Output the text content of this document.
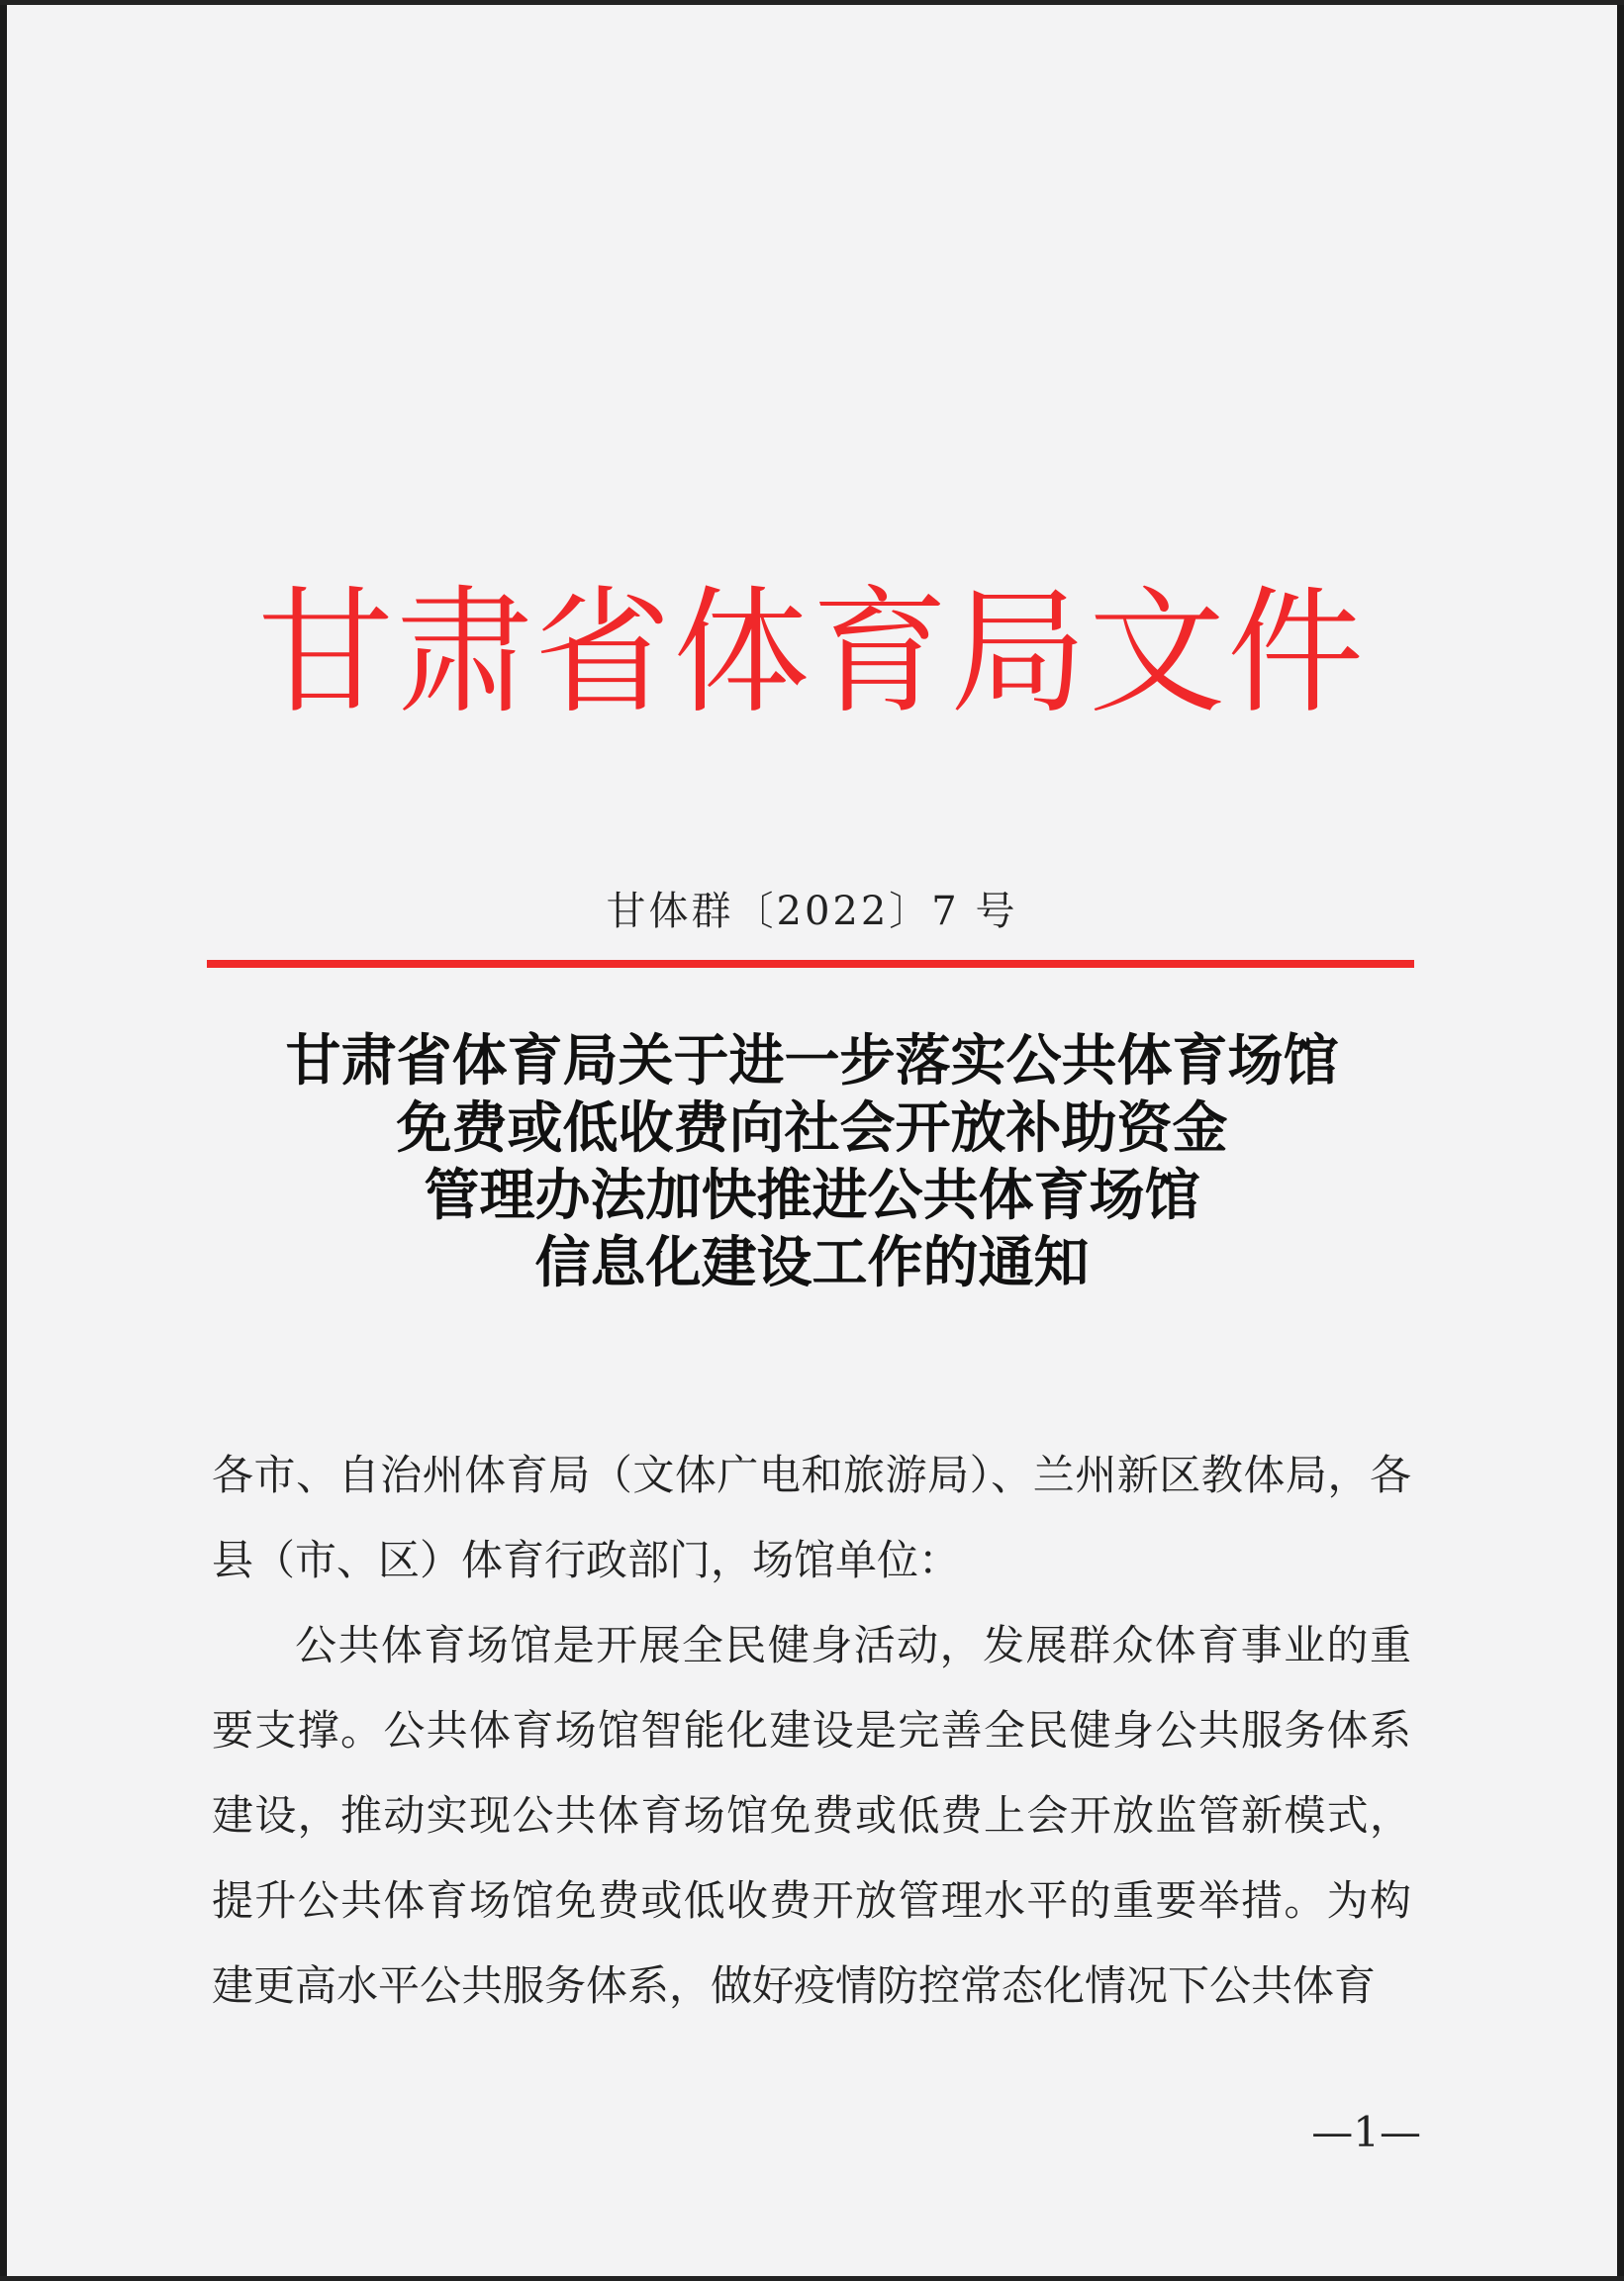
甘肃省体育局文件
甘体群〔2022〕7 号
甘肃省体育局关于进一步落实公共体育场馆
免费或低收费向社会开放补助资金
管理办法加快推进公共体育场馆
信息化建设工作的通知
各市、自治州体育局（文体广电和旅游局）、兰州新区教体局，各县（市、区）体育行政部门，场馆单位：
公共体育场馆是开展全民健身活动，发展群众体育事业的重要支撑。公共体育场馆智能化建设是完善全民健身公共服务体系建设，推动实现公共体育场馆免费或低费上会开放监管新模式，提升公共体育场馆免费或低收费开放管理水平的重要举措。为构建更高水平公共服务体系，做好疫情防控常态化情况下公共体育
—1—
